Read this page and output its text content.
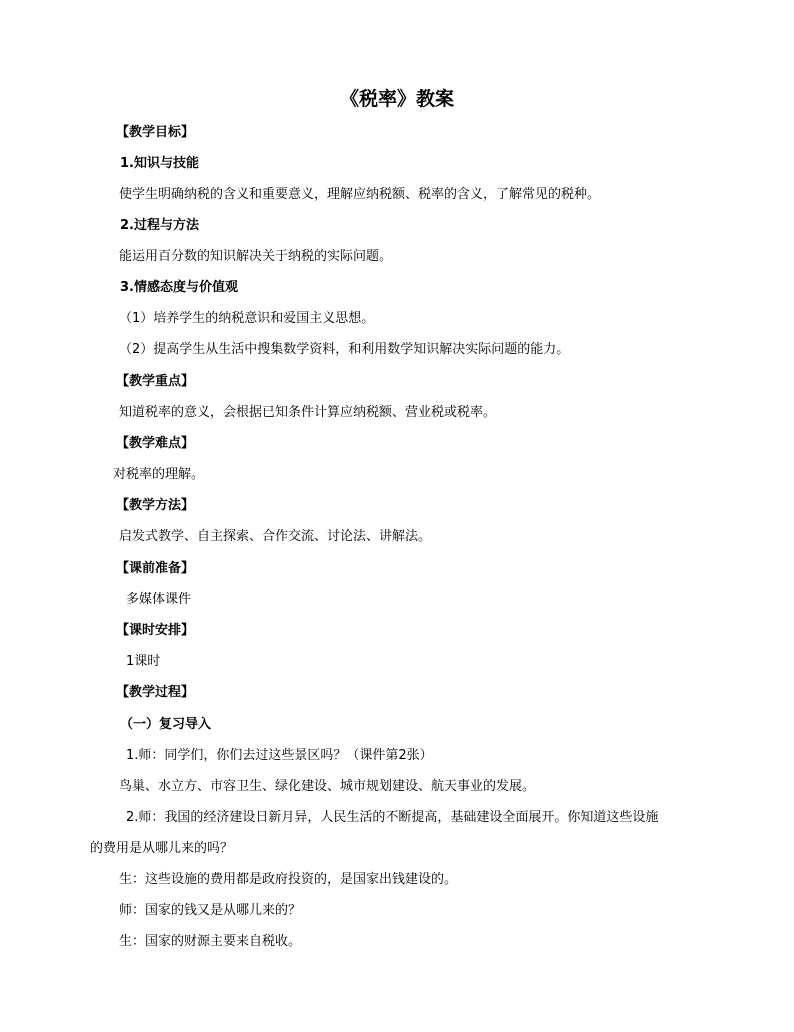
《税率》教案
【教学目标】
1.知识与技能
使学生明确纳税的含义和重要意义，理解应纳税额、税率的含义，了解常见的税种。
2.过程与方法
能运用百分数的知识解决关于纳税的实际问题。
3.情感态度与价值观
（1）培养学生的纳税意识和爱国主义思想。
（2）提高学生从生活中搜集数学资料，和利用数学知识解决实际问题的能力。
【教学重点】
知道税率的意义，会根据已知条件计算应纳税额、营业税或税率。
【教学难点】
对税率的理解。
【教学方法】
启发式教学、自主探索、合作交流、讨论法、讲解法。
【课前准备】
多媒体课件
【课时安排】
1课时
【教学过程】
（一）复习导入
1.师：同学们，你们去过这些景区吗？（课件第2张）
鸟巢、水立方、市容卫生、绿化建设、城市规划建设、航天事业的发展。
2.师：我国的经济建设日新月异，人民生活的不断提高，基础建设全面展开。你知道这些设施
的费用是从哪儿来的吗？
生：这些设施的费用都是政府投资的，是国家出钱建设的。
师：国家的钱又是从哪儿来的？
生：国家的财源主要来自税收。
